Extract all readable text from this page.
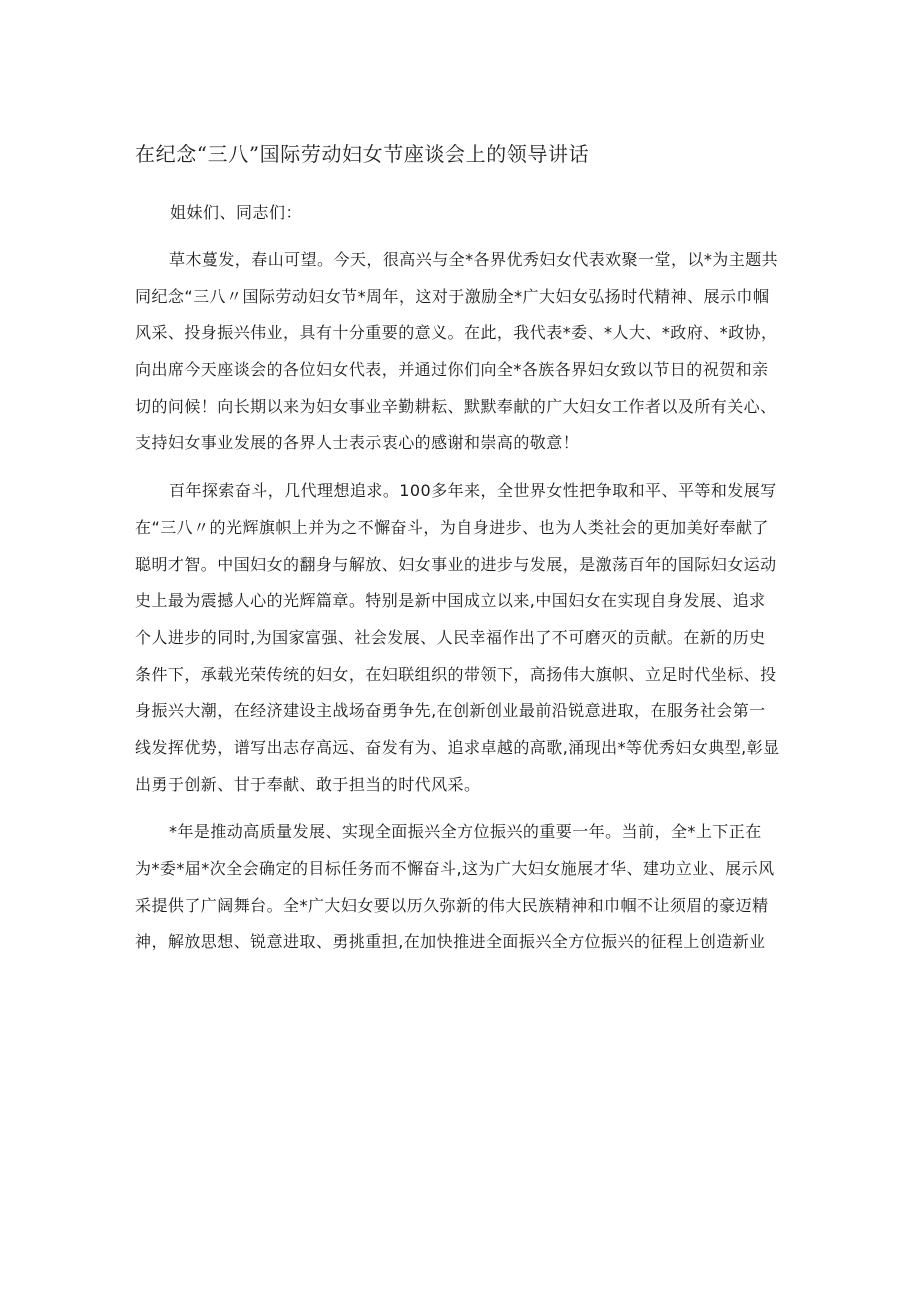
在纪念“三八”国际劳动妇女节座谈会上的领导讲话
姐妹们、同志们：
草木蔓发，春山可望。今天，很高兴与全*各界优秀妇女代表欢聚一堂，以*为主题共
同纪念“三八〃国际劳动妇女节*周年，这对于激励全*广大妇女弘扬时代精神、展示巾帼
风采、投身振兴伟业，具有十分重要的意义。在此，我代表*委、*人大、*政府、*政协，
向出席今天座谈会的各位妇女代表，并通过你们向全*各族各界妇女致以节日的祝贺和亲
切的问候！向长期以来为妇女事业辛勤耕耘、默默奉献的广大妇女工作者以及所有关心、
支持妇女事业发展的各界人士表示衷心的感谢和崇高的敬意！
百年探索奋斗，几代理想追求。100多年来，全世界女性把争取和平、平等和发展写
在“三八〃的光辉旗帜上并为之不懈奋斗，为自身进步、也为人类社会的更加美好奉献了
聪明才智。中国妇女的翻身与解放、妇女事业的进步与发展，是激荡百年的国际妇女运动
史上最为震撼人心的光辉篇章。特别是新中国成立以来,中国妇女在实现自身发展、追求
个人进步的同时,为国家富强、社会发展、人民幸福作出了不可磨灭的贡献。在新的历史
条件下，承载光荣传统的妇女，在妇联组织的带领下，高扬伟大旗帜、立足时代坐标、投
身振兴大潮，在经济建设主战场奋勇争先,在创新创业最前沿锐意进取，在服务社会第一
线发挥优势，谱写出志存高远、奋发有为、追求卓越的高歌,涌现出*等优秀妇女典型,彰显
出勇于创新、甘于奉献、敢于担当的时代风采。
*年是推动高质量发展、实现全面振兴全方位振兴的重要一年。当前，全*上下正在
为*委*届*次全会确定的目标任务而不懈奋斗,这为广大妇女施展才华、建功立业、展示风
采提供了广阔舞台。全*广大妇女要以历久弥新的伟大民族精神和巾帼不让须眉的豪迈精
神，解放思想、锐意进取、勇挑重担,在加快推进全面振兴全方位振兴的征程上创造新业
